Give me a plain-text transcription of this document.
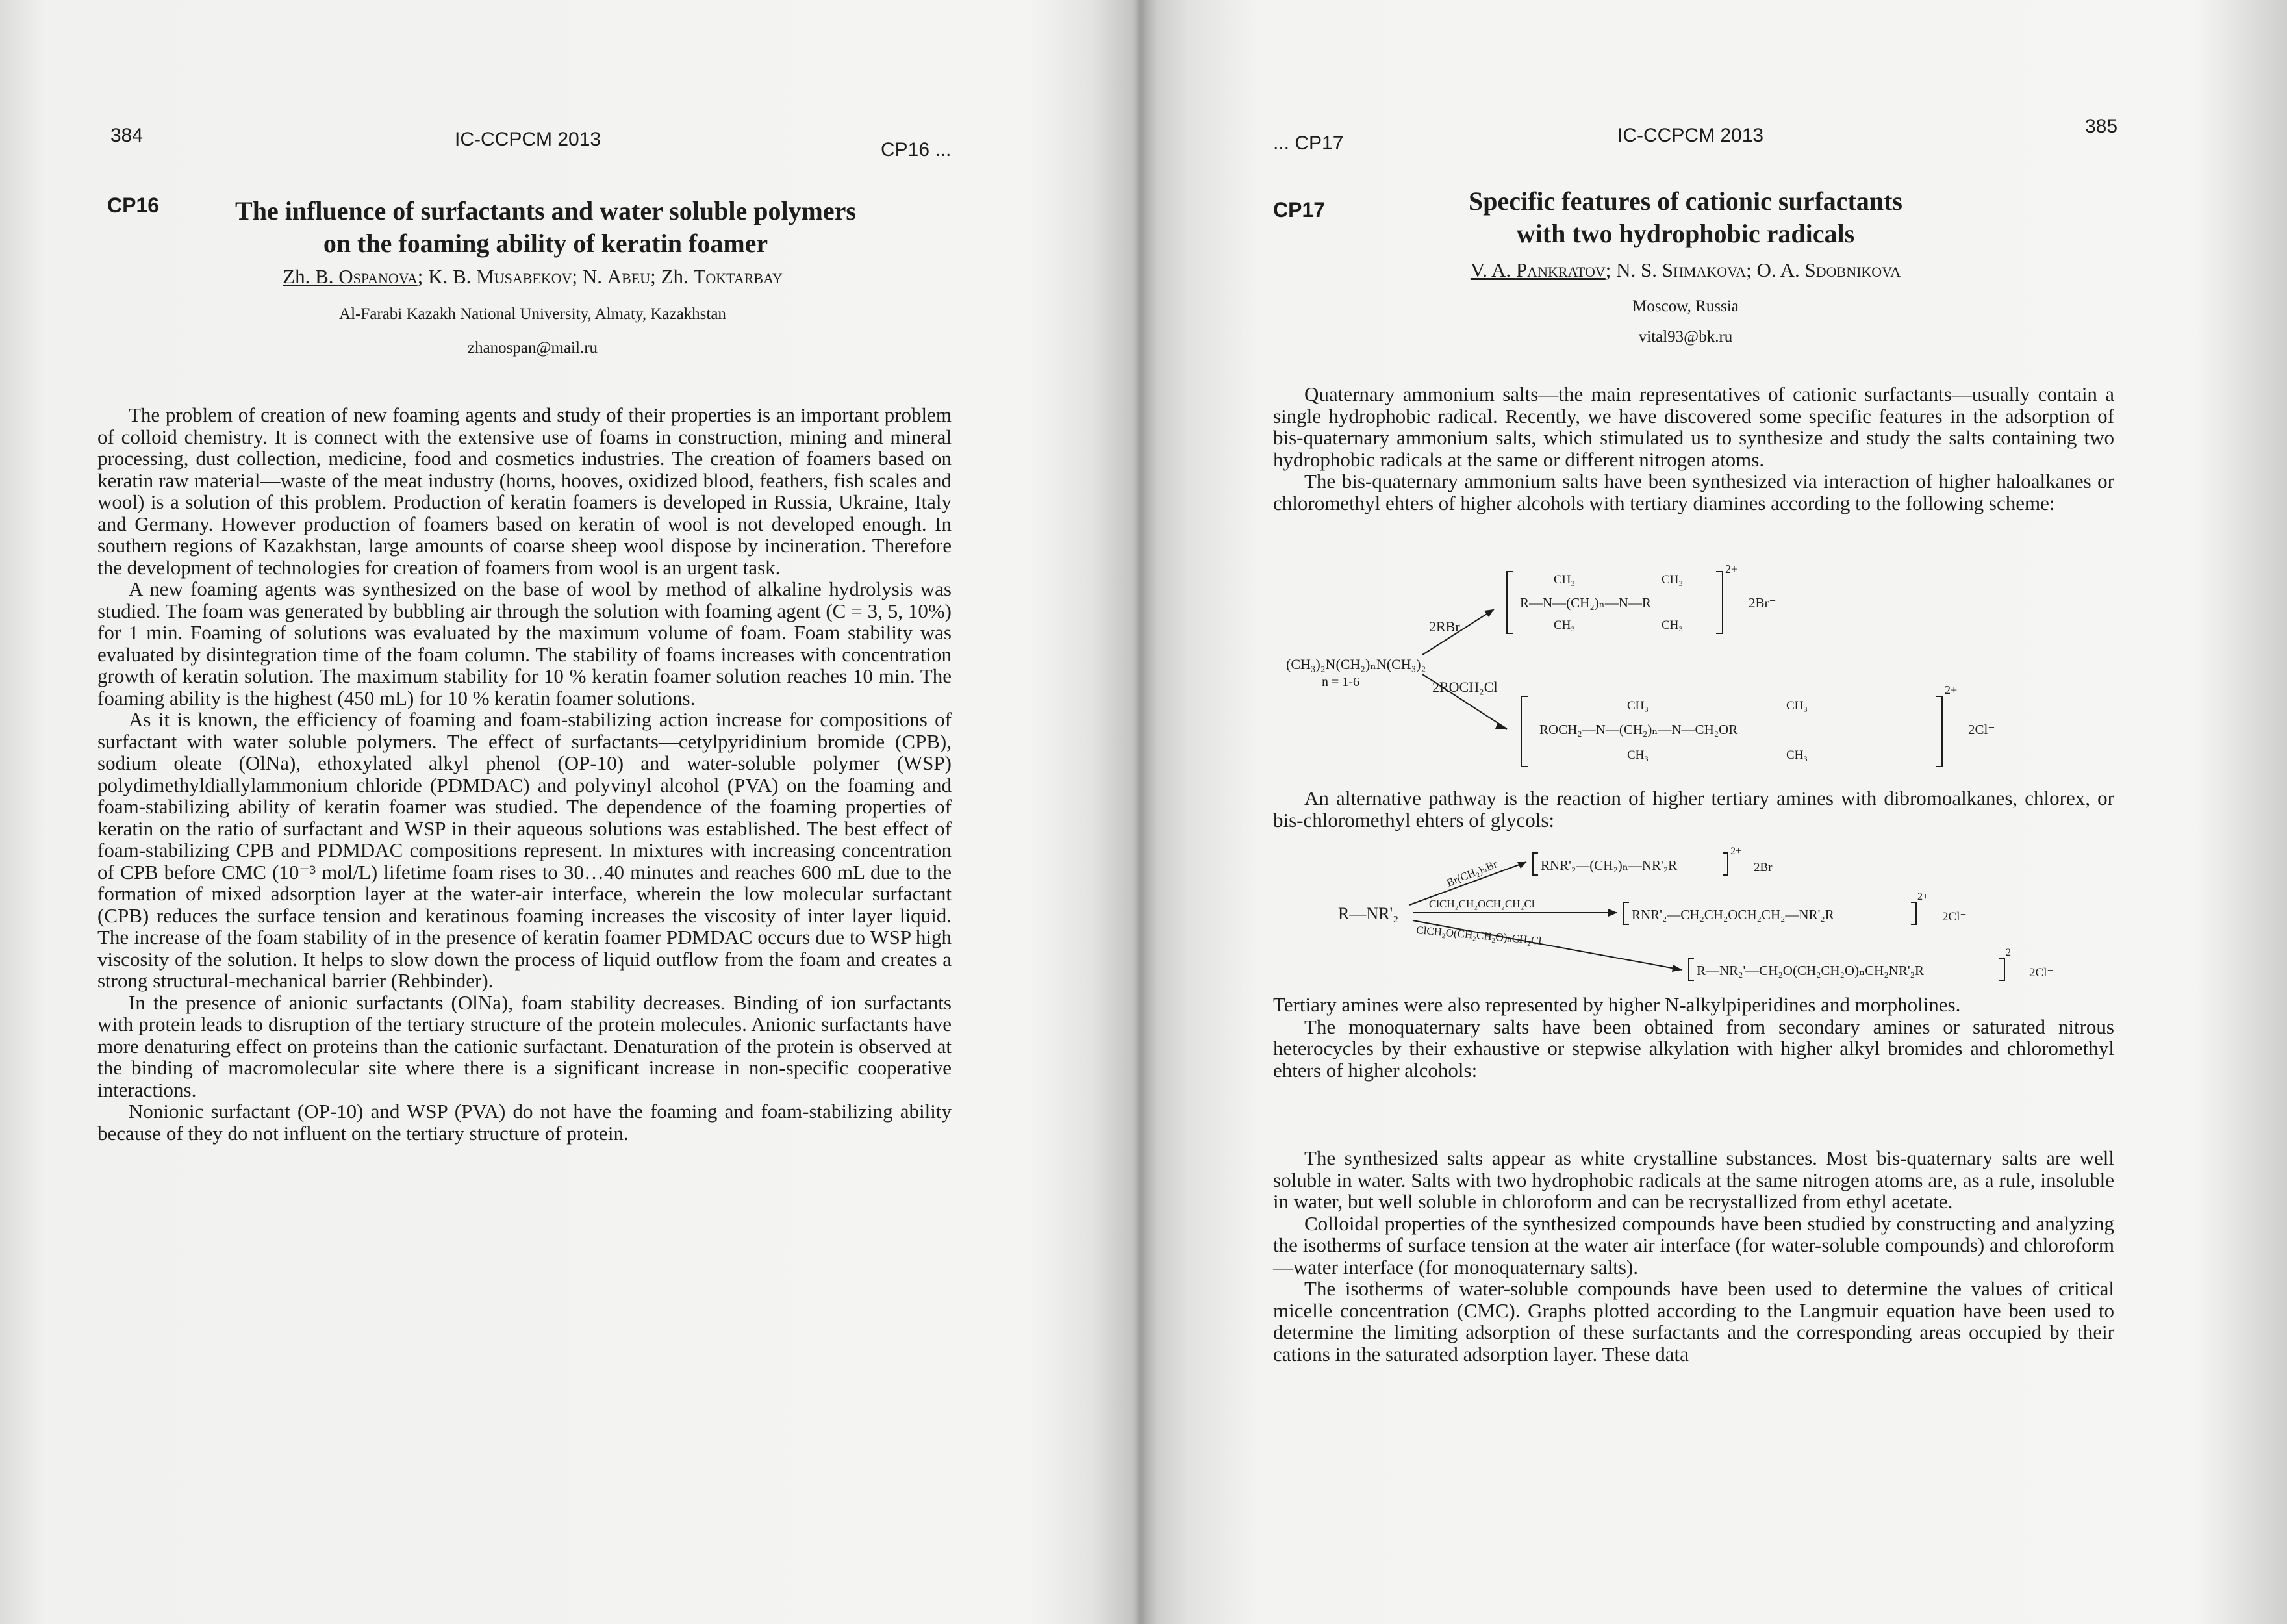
384	IC-CCPCM 2013	CP16 ...
CP16	The influence of surfactants and water soluble polymers
on the foaming ability of keratin foamer
Zh. B. Ospanova; K. B. Musabekov; N. Abeu; Zh. Toktarbay
Al-Farabi Kazakh National University, Almaty, Kazakhstan
zhanospan@mail.ru

The problem of creation of new foaming agents and study of their properties is an important problem of colloid chemistry. It is connect with the extensive use of foams in construction, mining and mineral processing, dust collection, medicine, food and cosmetics industries. The creation of foamers based on keratin raw material—waste of the meat industry (horns, hooves, oxidized blood, feathers, fish scales and wool) is a solution of this problem. Production of keratin foamers is developed in Russia, Ukraine, Italy and Germany. However production of foamers based on keratin of wool is not developed enough. In southern regions of Kazakhstan, large amounts of coarse sheep wool dispose by incineration. Therefore the development of technologies for creation of foamers from wool is an urgent task.

A new foaming agents was synthesized on the base of wool by method of alkaline hydrolysis was studied. The foam was generated by bubbling air through the solution with foaming agent (C = 3, 5, 10%) for 1 min. Foaming of solutions was evaluated by the maximum volume of foam. Foam stability was evaluated by disintegration time of the foam column. The stability of foams increases with concentration growth of keratin solution. The maximum stability for 10 % keratin foamer solution reaches 10 min. The foaming ability is the highest (450 mL) for 10 % keratin foamer solutions.

As it is known, the efficiency of foaming and foam-stabilizing action increase for compositions of surfactant with water soluble polymers. The effect of surfactants—cetylpyridinium bromide (CPB), sodium oleate (OlNa), ethoxylated alkyl phenol (OP-10) and water-soluble polymer (WSP) polydimethyldiallylammonium chloride (PDMDAC) and polyvinyl alcohol (PVA) on the foaming and foam-stabilizing ability of keratin foamer was studied. The dependence of the foaming properties of keratin on the ratio of surfactant and WSP in their aqueous solutions was established. The best effect of foam-stabilizing CPB and PDMDAC compositions represent. In mixtures with increasing concentration of CPB before CMC (10⁻³ mol/L) lifetime foam rises to 30…40 minutes and reaches 600 mL due to the formation of mixed adsorption layer at the water-air interface, wherein the low molecular surfactant (CPB) reduces the surface tension and keratinous foaming increases the viscosity of inter layer liquid. The increase of the foam stability of in the presence of keratin foamer PDMDAC occurs due to WSP high viscosity of the solution. It helps to slow down the process of liquid outflow from the foam and creates a strong structural-mechanical barrier (Rehbinder).

In the presence of anionic surfactants (OlNa), foam stability decreases. Binding of ion surfactants with protein leads to disruption of the tertiary structure of the protein molecules. Anionic surfactants have more denaturing effect on proteins than the cationic surfactant. Denaturation of the protein is observed at the binding of macromolecular site where there is a significant increase in non-specific cooperative interactions.

Nonionic surfactant (OP-10) and WSP (PVA) do not have the foaming and foam-stabilizing ability because of they do not influent on the tertiary structure of protein.

... CP17	IC-CCPCM 2013	385
CP17	Specific features of cationic surfactants
with two hydrophobic radicals
V. A. Pankratov; N. S. Shmakova; O. A. Sdobnikova
Moscow, Russia
vital93@bk.ru

Quaternary ammonium salts—the main representatives of cationic surfactants—usually contain a single hydrophobic radical. Recently, we have discovered some specific features in the adsorption of bis-quaternary ammonium salts, which stimulated us to synthesize and study the salts containing two hydrophobic radicals at the same or different nitrogen atoms.

The bis-quaternary ammonium salts have been synthesized via interaction of higher haloalkanes or chloromethyl ehters of higher alcohols with tertiary diamines according to the following scheme:

(CH₃)₂N(CH₂)ₙN(CH₃)₂
n = 1-6
2RBr
2ROCH₂Cl
CH₃	CH₃
R—N—(CH₂)ₙ—N—R
CH₃	CH₃
2+
2Br⁻
CH₃	CH₃
ROCH₂—N—(CH₂)ₙ—N—CH₂OR
CH₃	CH₃
2+
2Cl⁻

An alternative pathway is the reaction of higher tertiary amines with dibromoalkanes, chlorex, or bis-chloromethyl ehters of glycols:

R—NR'₂
Br(CH₂)ₙBr
ClCH₂CH₂OCH₂CH₂Cl
ClCH₂O(CH₂CH₂O)ₙCH₂Cl
RNR'₂—(CH₂)ₙ—NR'₂R
2+
2Br⁻
RNR'₂—CH₂CH₂OCH₂CH₂—NR'₂R
2+
2Cl⁻
R—NR₂'—CH₂O(CH₂CH₂O)ₙCH₂NR'₂R
2+
2Cl⁻

Tertiary amines were also represented by higher N-alkylpiperidines and morpholines.

The monoquaternary salts have been obtained from secondary amines or saturated nitrous heterocycles by their exhaustive or stepwise alkylation with higher alkyl bromides and chloromethyl ehters of higher alcohols:

The synthesized salts appear as white crystalline substances. Most bis-quaternary salts are well soluble in water. Salts with two hydrophobic radicals at the same nitrogen atoms are, as a rule, insoluble in water, but well soluble in chloroform and can be recrystallized from ethyl acetate.

Colloidal properties of the synthesized compounds have been studied by constructing and analyzing the isotherms of surface tension at the water air interface (for water-soluble compounds) and chloroform—water interface (for monoquaternary salts).

The isotherms of water-soluble compounds have been used to determine the values of critical micelle concentration (CMC). Graphs plotted according to the Langmuir equation have been used to determine the limiting adsorption of these surfactants and the corresponding areas occupied by their cations in the saturated adsorption layer. These data
